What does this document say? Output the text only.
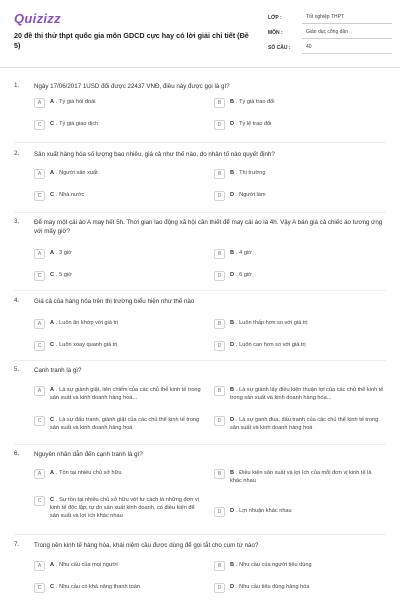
Quizizz
20 đề thi thử thpt quốc gia môn GDCD cực hay có lời giải chi tiết (Đề 5)
LỚP :	Tốt nghiệp THPT
MÔN :	Giáo dục công dân
SỐ CÂU :	40
1. Ngày 17/06/2017 1USD đổi được 22437 VNĐ, điều này được gọi là gì?
A	A . Tỷ giá hối đoái	B	B . Tỷ giá trao đổi
C	C . Tỷ giá giao dịch	D	D . Tỷ lệ trao đổi
2. Sản xuất hàng hóa số lượng bao nhiêu, giá cả như thế nào, do nhân tố nào quyết định?
A	A . Người sản xuất	B	B . Thị trường
C	C . Nhà nước	D	D . Người làm
3. Để may một cái áo A may hết 5h. Thời gian lao động xã hội cần thiết để may cái áo là 4h. Vậy A bán giá cả chiếc áo tương ứng với mấy giờ?
A	A . 3 giờ	B	B . 4 giờ
C	C . 5 giờ	D	D . 6 giờ
4. Giá cả của hàng hóa trên thị trường biểu hiện như thế nào
A	A . Luôn ăn khớp với giá trị	B	B . Luôn thấp hơn so với giá trị
C	C . Luôn xoay quanh giá trị	D	D . Luôn cao hơn so với giá trị
5. Cạnh tranh là gì?
A	A . Là sự giành giật, liên chiếm của các chủ thể kinh tế trong sản xuất và kinh doanh hàng hoá...
B	B . Là sự giành lấy điều kiện thuận lợi của các chủ thể kinh tế trong sản xuất và kinh doanh hàng hóa...
C	C . Là sự đấu tranh, giành giật của các chủ thể kinh tế trong sản xuất và kinh doanh hàng hoá
D	D . Là sự ganh đua, đấu tranh của các chủ thể kinh tế trong sản xuất và kinh doanh hàng hoá
6. Nguyên nhân dẫn đến cạnh tranh là gì?
A	A . Tồn tại nhiều chủ sở hữu	B	B . Điều kiện sản xuất và lợi ích của mỗi đơn vị kinh tế là khác nhau
C	C . Sự tồn tại nhiều chủ sở hữu với tư cách là những đơn vị kinh tế độc lập, tự do sản xuất kinh doanh, có điều kiện để sản xuất và lợi ích khác nhau
D	D . Lợi nhuận khác nhau
7. Trong nền kinh tế hàng hóa, khái niệm cầu được dùng để gọi tắt cho cụm từ nào?
A	A . Nhu cầu của mọi người	B	B . Nhu cầu của người tiêu dùng
C	C . Nhu cầu có khả năng thanh toán	D	D . Nhu cầu tiêu dùng hàng hóa
